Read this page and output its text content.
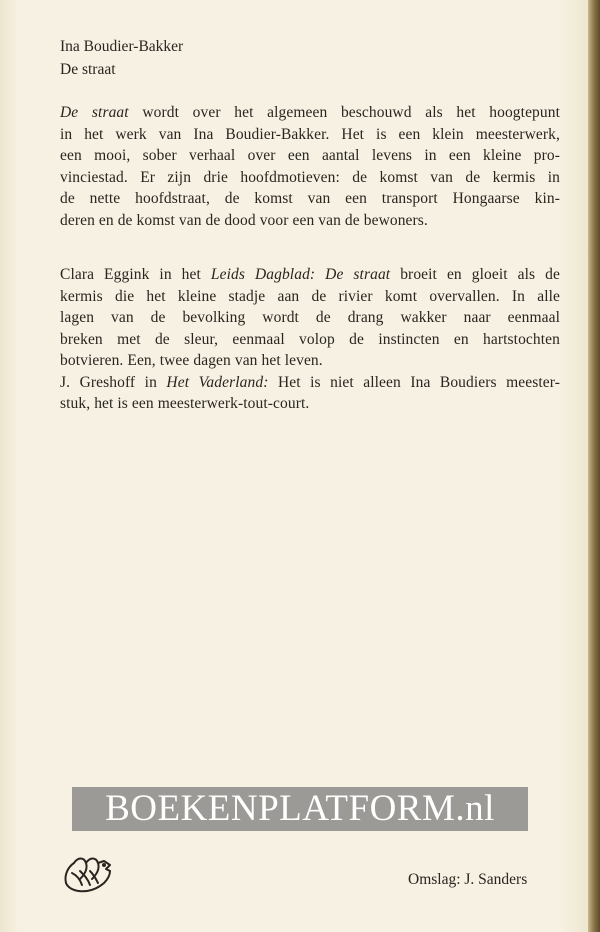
Ina Boudier-Bakker
De straat
De straat wordt over het algemeen beschouwd als het hoogtepunt
in het werk van Ina Boudier-Bakker. Het is een klein meesterwerk,
een mooi, sober verhaal over een aantal levens in een kleine pro-
vinciestad. Er zijn drie hoofdmotieven: de komst van de kermis in
de nette hoofdstraat, de komst van een transport Hongaarse kin-
deren en de komst van de dood voor een van de bewoners.
Clara Eggink in het Leids Dagblad: De straat broeit en gloeit als de
kermis die het kleine stadje aan de rivier komt overvallen. In alle
lagen van de bevolking wordt de drang wakker naar eenmaal
breken met de sleur, eenmaal volop de instincten en hartstochten
botvieren. Een, twee dagen van het leven.
J. Greshoff in Het Vaderland: Het is niet alleen Ina Boudiers meester-
stuk, het is een meesterwerk-tout-court.
BOEKENPLATFORM.nl
Omslag: J. Sanders
